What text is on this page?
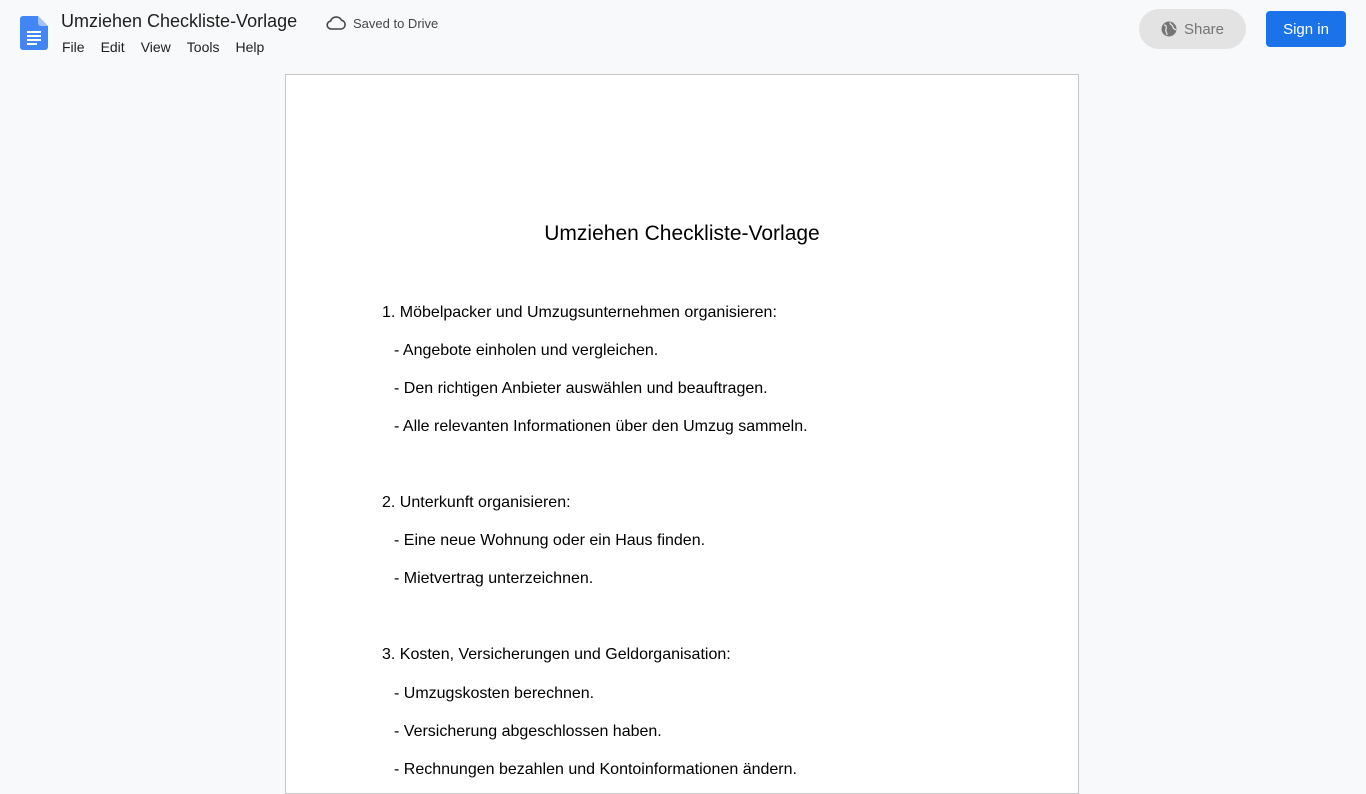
Umziehen Checkliste-Vorlage	Saved to Drive
File	Edit	View	Tools	Help
Share	Sign in
Umziehen Checkliste-Vorlage
1. Möbelpacker und Umzugsunternehmen organisieren:
- Angebote einholen und vergleichen.
- Den richtigen Anbieter auswählen und beauftragen.
- Alle relevanten Informationen über den Umzug sammeln.
2. Unterkunft organisieren:
- Eine neue Wohnung oder ein Haus finden.
- Mietvertrag unterzeichnen.
3. Kosten, Versicherungen und Geldorganisation:
- Umzugskosten berechnen.
- Versicherung abgeschlossen haben.
- Rechnungen bezahlen und Kontoinformationen ändern.
